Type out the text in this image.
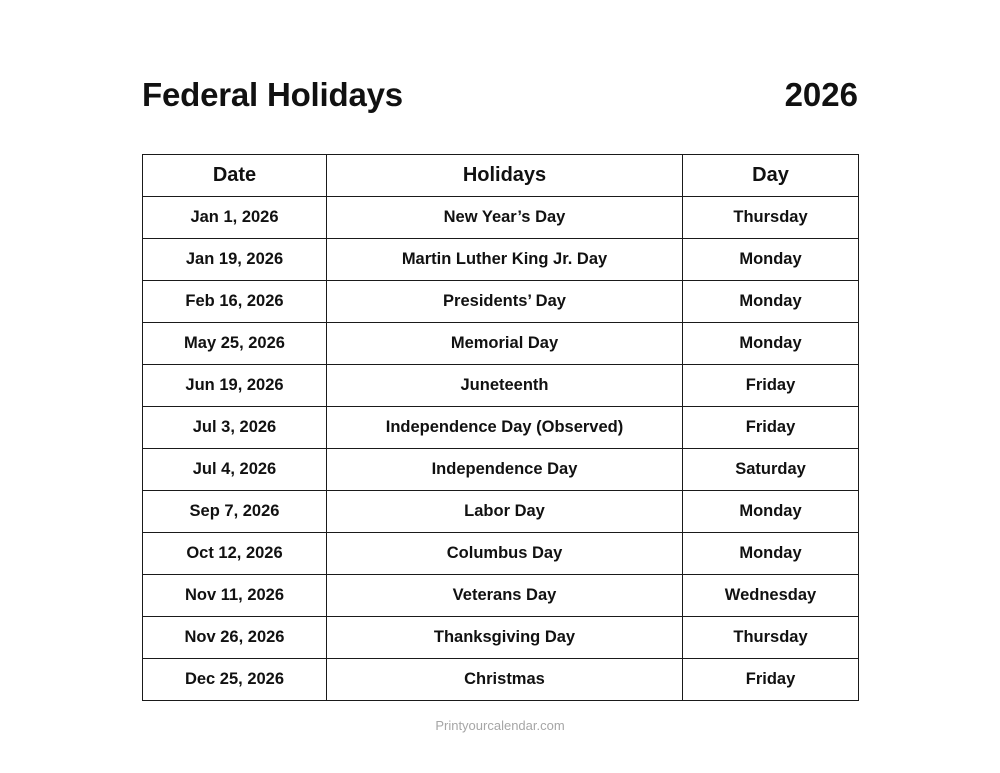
Federal Holidays	2026
Date	Holidays	Day
Jan 1, 2026	New Year’s Day	Thursday
Jan 19, 2026	Martin Luther King Jr. Day	Monday
Feb 16, 2026	Presidents’ Day	Monday
May 25, 2026	Memorial Day	Monday
Jun 19, 2026	Juneteenth	Friday
Jul 3, 2026	Independence Day (Observed)	Friday
Jul 4, 2026	Independence Day	Saturday
Sep 7, 2026	Labor Day	Monday
Oct 12, 2026	Columbus Day	Monday
Nov 11, 2026	Veterans Day	Wednesday
Nov 26, 2026	Thanksgiving Day	Thursday
Dec 25, 2026	Christmas	Friday
Printyourcalendar.com
